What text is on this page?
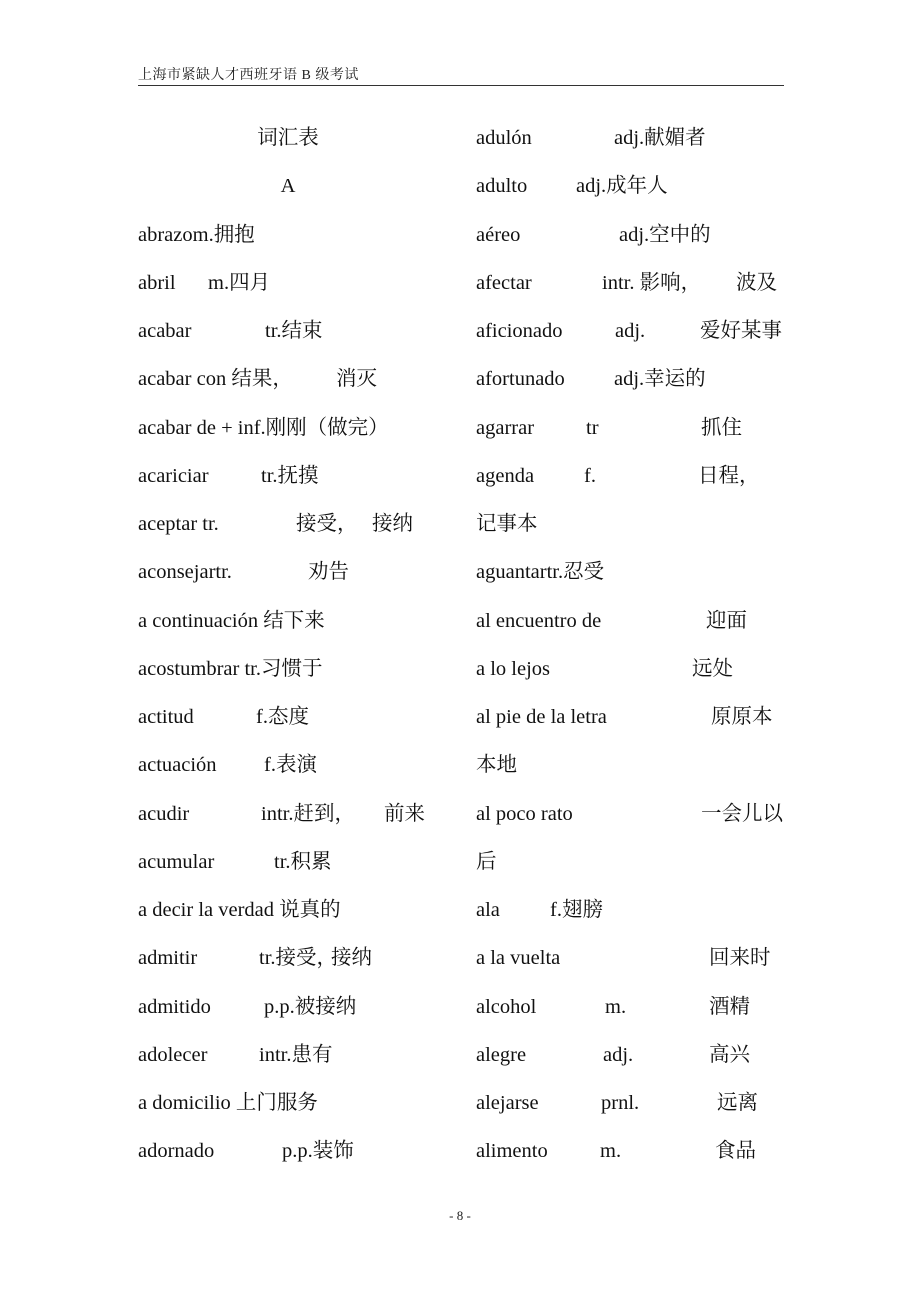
上海市紧缺人才西班牙语 B 级考试
词汇表
A
abrazom.拥抱
abril m.四月
acabar	tr.结束
acabar con 结果， 消灭
acabar de + inf.刚刚（做完）
acariciar	tr.抚摸
aceptar tr.	接受， 接纳
aconsejartr.	劝告
a continuación 结下来
acostumbrar tr.习惯于
actitud	f.态度
actuación f.表演
acudir	intr.赶到， 前来
acumular	tr.积累
a decir la verdad 说真的
admitir	tr.接受，
接纳
admitido	p.p.被接纳
adolecer	intr.患有
a domicilio 上门服务
adornado	p.p.装饰
adulón	adj.献媚者
adulto adj.成年人
aéreo	adj.空中的
afectar	intr. 影响， 波及
aficionado	adj.	爱好某事
afortunado adj.幸运的
agarrar	tr	抓住
agenda f.	日程，
记事本
aguantartr.忍受
al encuentro de	迎面
a lo lejos	远处
al pie de la letra	原原本
本地
al poco rato	一会儿以
后
ala f.翅膀
a la vuelta	回来时
alcohol	m.	酒精
alegre	adj.	高兴
alejarse	prnl.	远离
alimento	m.	食品
- 8 -
